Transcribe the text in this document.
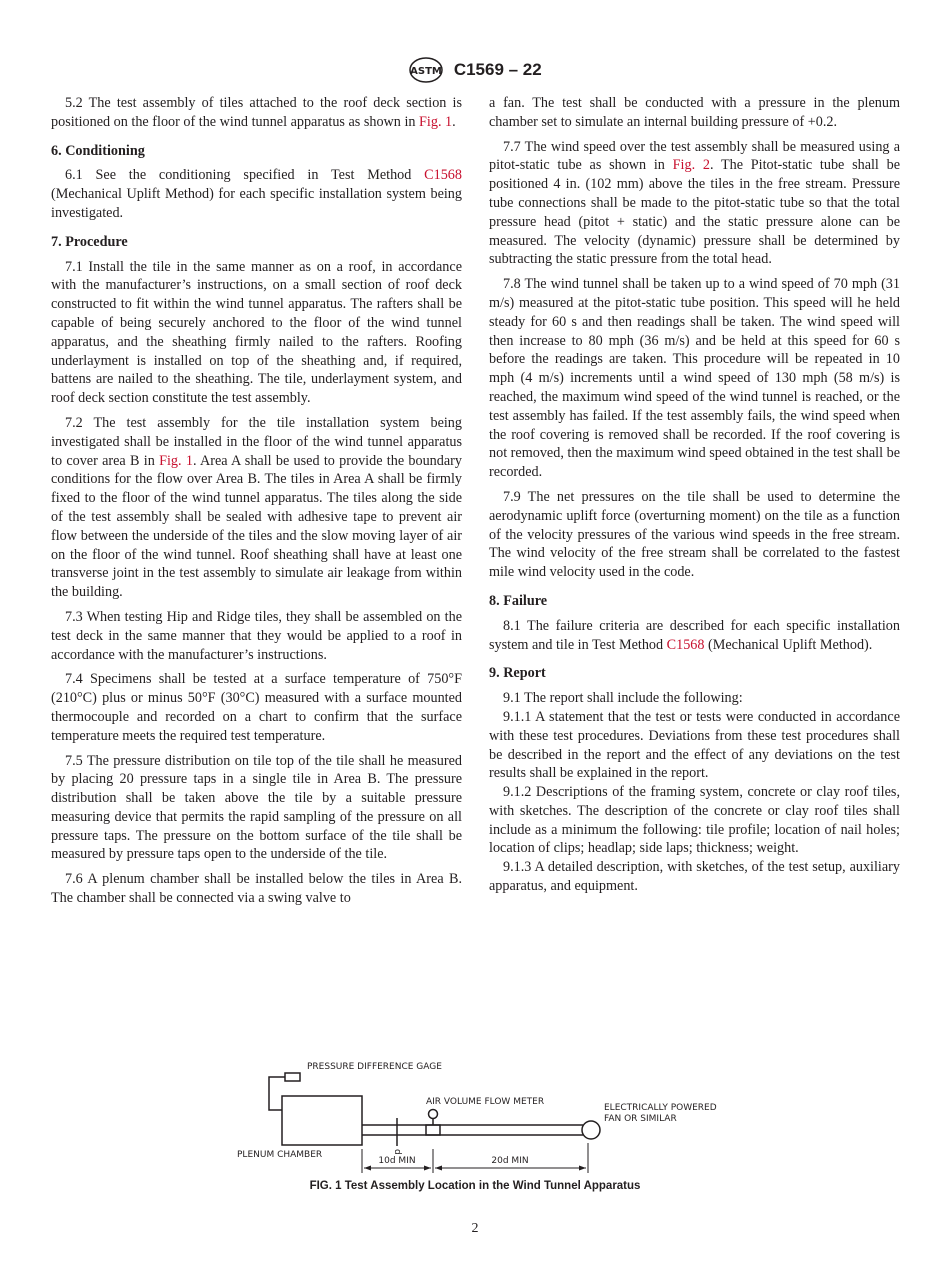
ASTM C1569 – 22

5.2 The test assembly of tiles attached to the roof deck section is positioned on the floor of the wind tunnel apparatus as shown in Fig. 1.

6. Conditioning

6.1 See the conditioning specified in Test Method C1568 (Mechanical Uplift Method) for each specific installation system being investigated.

7. Procedure

7.1 Install the tile in the same manner as on a roof, in accordance with the manufacturer’s instructions, on a small section of roof deck constructed to fit within the wind tunnel apparatus. The rafters shall be capable of being securely anchored to the floor of the wind tunnel apparatus, and the sheathing firmly nailed to the rafters. Roofing underlayment is installed on top of the sheathing and, if required, battens are nailed to the sheathing. The tile, underlayment system, and roof deck section constitute the test assembly.

7.2 The test assembly for the tile installation system being investigated shall be installed in the floor of the wind tunnel apparatus to cover area B in Fig. 1. Area A shall be used to provide the boundary conditions for the flow over Area B. The tiles in Area A shall be firmly fixed to the floor of the wind tunnel apparatus. The tiles along the side of the test assembly shall be sealed with adhesive tape to prevent air flow between the underside of the tiles and the slow moving layer of air on the floor of the wind tunnel. Roof sheathing shall have at least one transverse joint in the test assembly to simulate air leakage from within the building.

7.3 When testing Hip and Ridge tiles, they shall be assembled on the test deck in the same manner that they would be applied to a roof in accordance with the manufacturer’s instructions.

7.4 Specimens shall be tested at a surface temperature of 750°F (210°C) plus or minus 50°F (30°C) measured with a surface mounted thermocouple and recorded on a chart to confirm that the surface temperature meets the required test temperature.

7.5 The pressure distribution on tile top of the tile shall he measured by placing 20 pressure taps in a single tile in Area B. The pressure distribution shall be taken above the tile by a suitable pressure measuring device that permits the rapid sampling of the pressure on all pressure taps. The pressure on the bottom surface of the tile shall be measured by pressure taps open to the underside of the tile.

7.6 A plenum chamber shall be installed below the tiles in Area B. The chamber shall be connected via a swing valve to

a fan. The test shall be conducted with a pressure in the plenum chamber set to simulate an internal building pressure of +0.2.

7.7 The wind speed over the test assembly shall be measured using a pitot-static tube as shown in Fig. 2. The Pitot-static tube shall be positioned 4 in. (102 mm) above the tiles in the free stream. Pressure tube connections shall be made to the pitot-static tube so that the total pressure head (pitot + static) and the static pressure alone can be measured. The velocity (dynamic) pressure shall be determined by subtracting the static pressure from the total head.

7.8 The wind tunnel shall be taken up to a wind speed of 70 mph (31 m/s) measured at the pitot-static tube position. This speed will he held steady for 60 s and then readings shall be taken. The wind speed will then increase to 80 mph (36 m/s) and be held at this speed for 60 s before the readings are taken. This procedure will be repeated in 10 mph (4 m/s) increments until a wind speed of 130 mph (58 m/s) is reached, the maximum wind speed of the wind tunnel is reached, or the test assembly has failed. If the test assembly fails, the wind speed when the roof covering is removed shall be recorded. If the roof covering is not removed, then the maximum wind speed obtained in the test shall be recorded.

7.9 The net pressures on the tile shall be used to determine the aerodynamic uplift force (overturning moment) on the tile as a function of the velocity pressures of the various wind speeds in the free stream. The wind velocity of the free stream shall be correlated to the fastest mile wind velocity used in the code.

8. Failure

8.1 The failure criteria are described for each specific installation system and tile in Test Method C1568 (Mechanical Uplift Method).

9. Report

9.1 The report shall include the following:

9.1.1 A statement that the test or tests were conducted in accordance with these test procedures. Deviations from these test procedures shall be described in the report and the effect of any deviations on the test results shall be explained in the report.

9.1.2 Descriptions of the framing system, concrete or clay roof tiles, with sketches. The description of the concrete or clay roof tiles shall include as a minimum the following: tile profile; location of nail holes; location of clips; headlap; side laps; thickness; weight.

9.1.3 A detailed description, with sketches, of the test setup, auxiliary apparatus, and equipment.

PRESSURE DIFFERENCE GAGE
AIR VOLUME FLOW METER
ELECTRICALLY POWERED
FAN OR SIMILAR
PLENUM CHAMBER	d
10d MIN	20d MIN
FIG. 1 Test Assembly Location in the Wind Tunnel Apparatus
2
